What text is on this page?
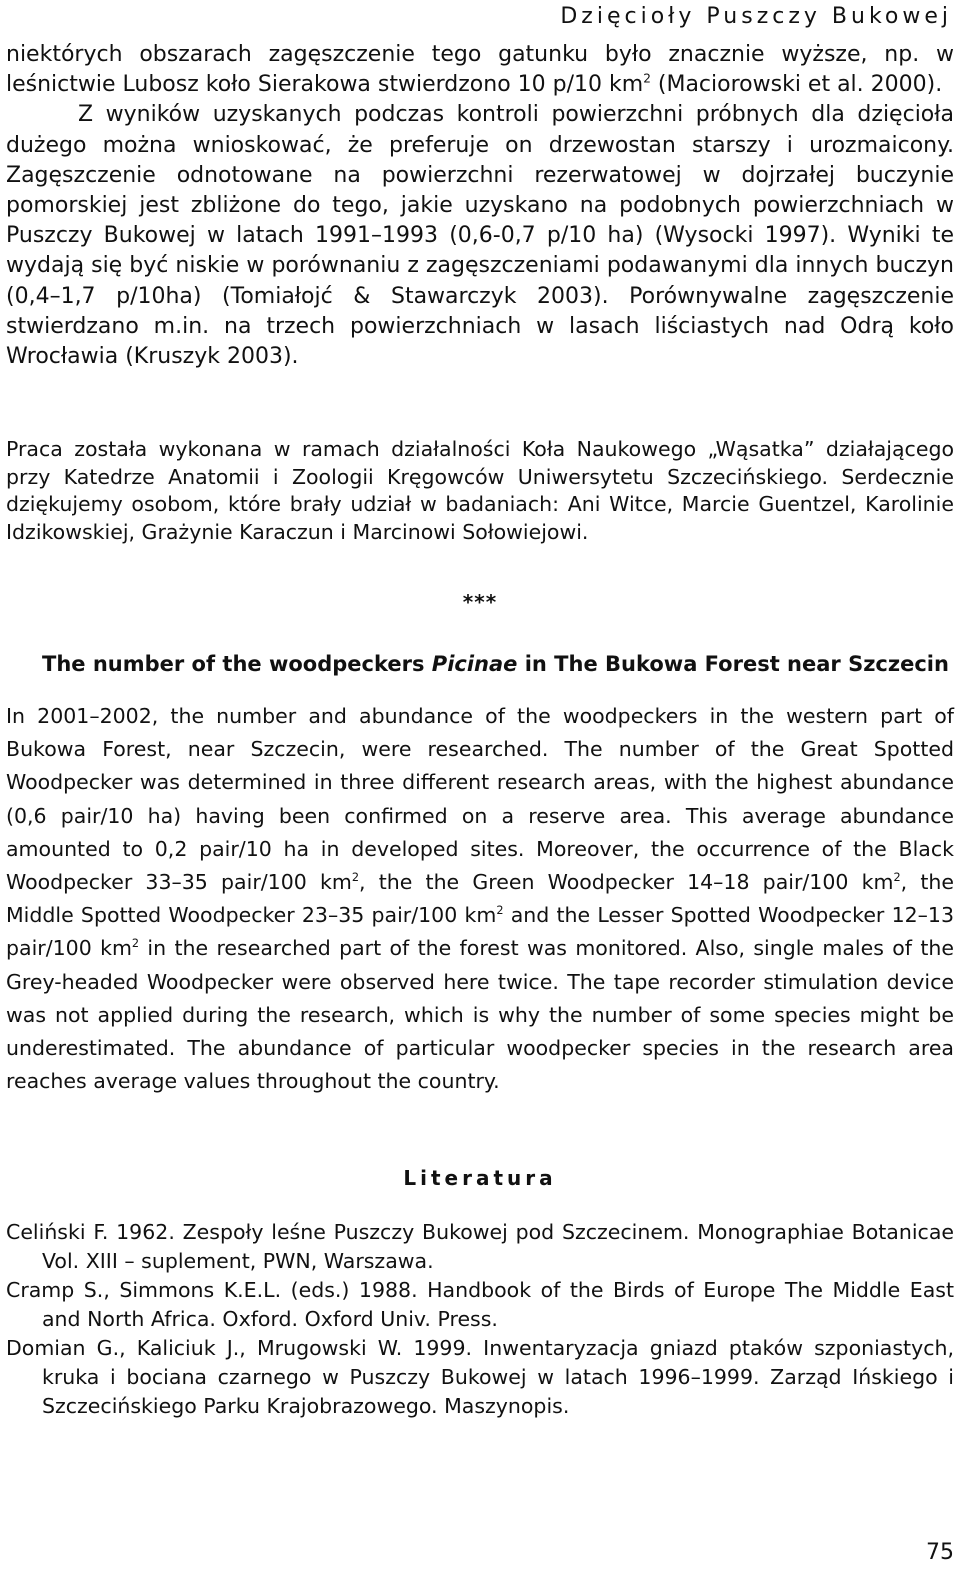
Dzięcioły Puszczy Bukowej

niektórych obszarach zagęszczenie tego gatunku było znacznie wyższe, np. w leśnictwie Lubosz koło Sierakowa stwierdzono 10 p/10 $km^2$ (Maciorowski et al. 2000).

Z wyników uzyskanych podczas kontroli powierzchni próbnych dla dzięcioła dużego można wnioskować, że preferuje on drzewostan starszy i urozmaicony. Zagęszczenie odnotowane na powierzchni rezerwatowej w dojrzałej buczynie pomorskiej jest zbliżone do tego, jakie uzyskano na podobnych powierzchniach w Puszczy Bukowej w latach 1991–1993 (0,6-0,7 p/10 ha) (Wysocki 1997). Wyniki te wydają się być niskie w porównaniu z zagęszczeniami podawanymi dla innych buczyn (0,4–1,7 p/10ha) (Tomiałojć & Stawarczyk 2003). Porównywalne zagęszczenie stwierdzano m.in. na trzech powierzchniach w lasach liściastych nad Odrą koło Wrocławia (Kruszyk 2003).

Praca została wykonana w ramach działalności Koła Naukowego „Wąsatka” działającego przy Katedrze Anatomii i Zoologii Kręgowców Uniwersytetu Szczecińskiego. Serdecznie dziękujemy osobom, które brały udział w badaniach: Ani Witce, Marcie Guentzel, Karolinie Idzikowskiej, Grażynie Karaczun i Marcinowi Sołowiejowi.
***
The number of the woodpeckers Picinae in The Bukowa Forest near Szczecin
In 2001–2002, the number and abundance of the woodpeckers in the western part of Bukowa Forest, near Szczecin, were researched. The number of the Great Spotted Woodpecker was determined in three different research areas, with the highest abundance (0,6 pair/10 ha) having been confirmed on a reserve area. This average abundance amounted to 0,2 pair/10 ha in developed sites. Moreover, the occurrence of the Black Woodpecker 33–35 pair/100 $km^2$, the the Green Woodpecker 14–18 pair/100 $km^2$, the Middle Spotted Woodpecker 23–35 pair/100 $km^2$ and the Lesser Spotted Woodpecker 12–13 pair/100 $km^2$ in the researched part of the forest was monitored. Also, single males of the Grey-headed Woodpecker were observed here twice. The tape recorder stimulation device was not applied during the research, which is why the number of some species might be underestimated. The abundance of particular woodpecker species in the research area reaches average values throughout the country.
Literatura
Celiński F. 1962. Zespoły leśne Puszczy Bukowej pod Szczecinem. Monographiae Botanicae Vol. XIII – suplement, PWN, Warszawa.
Cramp S., Simmons K.E.L. (eds.) 1988. Handbook of the Birds of Europe The Middle East and North Africa. Oxford. Oxford Univ. Press.
Domian G., Kaliciuk J., Mrugowski W. 1999. Inwentaryzacja gniazd ptaków szponiastych, kruka i bociana czarnego w Puszczy Bukowej w latach 1996–1999. Zarząd Ińskiego i Szczecińskiego Parku Krajobrazowego. Maszynopis.
75
